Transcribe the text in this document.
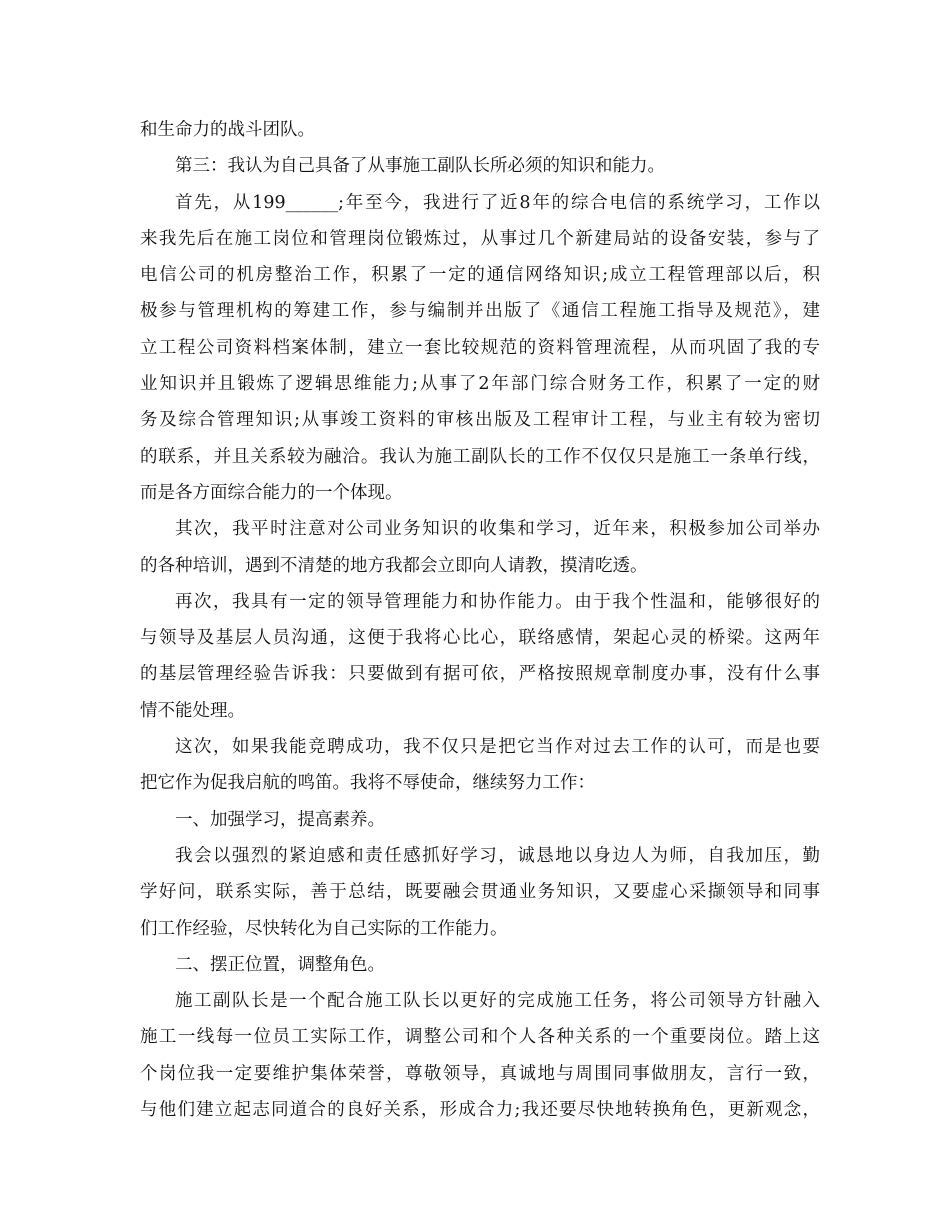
和生命力的战斗团队。
第三：我认为自己具备了从事施工副队长所必须的知识和能力。
首先，从199______;年至今，我进行了近8年的综合电信的系统学习，工作以
来我先后在施工岗位和管理岗位锻炼过，从事过几个新建局站的设备安装，参与了
电信公司的机房整治工作，积累了一定的通信网络知识;成立工程管理部以后，积
极参与管理机构的筹建工作，参与编制并出版了《通信工程施工指导及规范》，建
立工程公司资料档案体制，建立一套比较规范的资料管理流程，从而巩固了我的专
业知识并且锻炼了逻辑思维能力;从事了2年部门综合财务工作，积累了一定的财
务及综合管理知识;从事竣工资料的审核出版及工程审计工程，与业主有较为密切
的联系，并且关系较为融洽。我认为施工副队长的工作不仅仅只是施工一条单行线，
而是各方面综合能力的一个体现。
其次，我平时注意对公司业务知识的收集和学习，近年来，积极参加公司举办
的各种培训，遇到不清楚的地方我都会立即向人请教，摸清吃透。
再次，我具有一定的领导管理能力和协作能力。由于我个性温和，能够很好的
与领导及基层人员沟通，这便于我将心比心，联络感情，架起心灵的桥梁。这两年
的基层管理经验告诉我：只要做到有据可依，严格按照规章制度办事，没有什么事
情不能处理。
这次，如果我能竞聘成功，我不仅只是把它当作对过去工作的认可，而是也要
把它作为促我启航的鸣笛。我将不辱使命，继续努力工作：
一、加强学习，提高素养。
我会以强烈的紧迫感和责任感抓好学习，诚恳地以身边人为师，自我加压，勤
学好问，联系实际，善于总结，既要融会贯通业务知识，又要虚心采撷领导和同事
们工作经验，尽快转化为自己实际的工作能力。
二、摆正位置，调整角色。
施工副队长是一个配合施工队长以更好的完成施工任务，将公司领导方针融入
施工一线每一位员工实际工作，调整公司和个人各种关系的一个重要岗位。踏上这
个岗位我一定要维护集体荣誉，尊敬领导，真诚地与周围同事做朋友，言行一致，
与他们建立起志同道合的良好关系，形成合力;我还要尽快地转换角色，更新观念，
